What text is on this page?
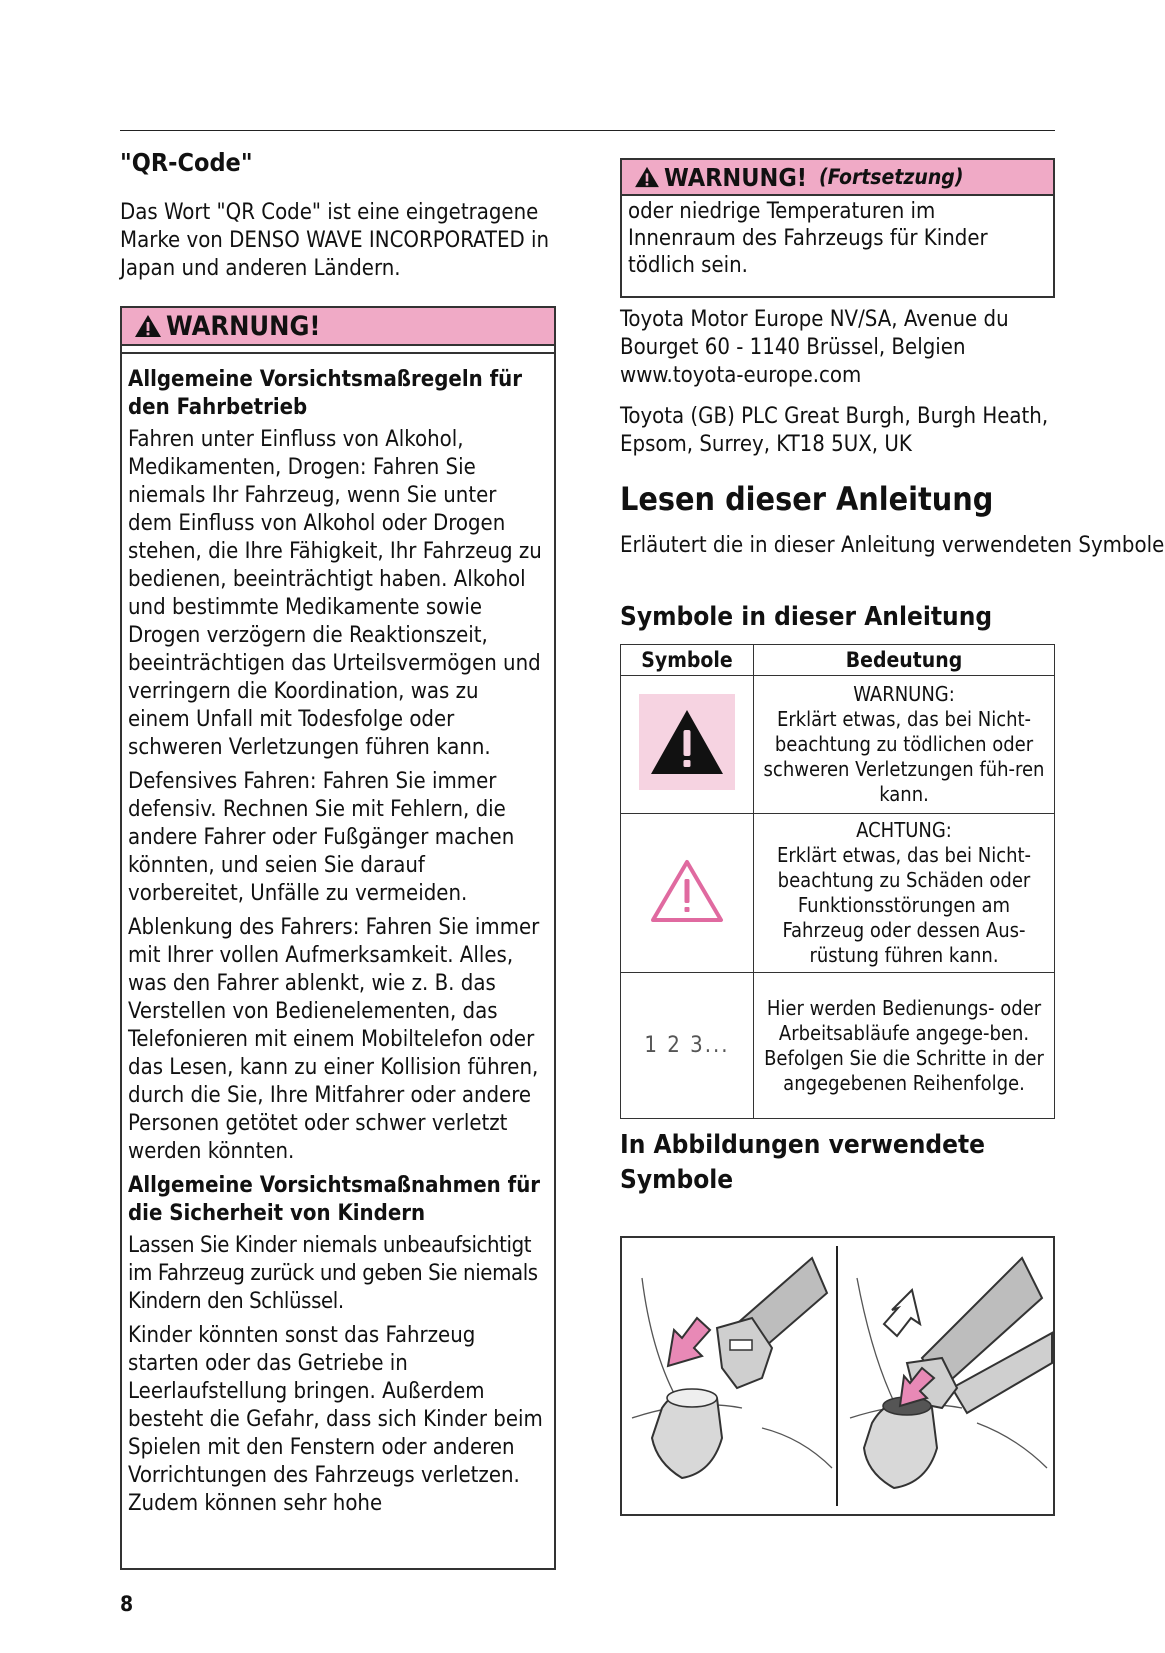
"QR-Code"

Das Wort "QR Code" ist eine eingetragene Marke von DENSO WAVE INCORPORATED in Japan und anderen Ländern.

WARNUNG!

Allgemeine Vorsichtsmaßregeln für den Fahrbetrieb

Fahren unter Einfluss von Alkohol, Medikamenten, Drogen: Fahren Sie niemals Ihr Fahrzeug, wenn Sie unter dem Einfluss von Alkohol oder Drogen stehen, die Ihre Fähigkeit, Ihr Fahrzeug zu bedienen, beeinträchtigt haben. Alkohol und bestimmte Medikamente sowie Drogen verzögern die Reaktionszeit, beeinträchtigen das Urteilsvermögen und verringern die Koordination, was zu einem Unfall mit Todesfolge oder schweren Verletzungen führen kann.

Defensives Fahren: Fahren Sie immer defensiv. Rechnen Sie mit Fehlern, die andere Fahrer oder Fußgänger machen könnten, und seien Sie darauf vorbereitet, Unfälle zu vermeiden.

Ablenkung des Fahrers: Fahren Sie immer mit Ihrer vollen Aufmerksamkeit. Alles, was den Fahrer ablenkt, wie z. B. das Verstellen von Bedienelementen, das Telefonieren mit einem Mobiltelefon oder das Lesen, kann zu einer Kollision führen, durch die Sie, Ihre Mitfahrer oder andere Personen getötet oder schwer verletzt werden könnten.

Allgemeine Vorsichtsmaßnahmen für die Sicherheit von Kindern

Lassen Sie Kinder niemals unbeaufsichtigt im Fahrzeug zurück und geben Sie niemals Kindern den Schlüssel.

Kinder könnten sonst das Fahrzeug starten oder das Getriebe in Leerlaufstellung bringen. Außerdem besteht die Gefahr, dass sich Kinder beim Spielen mit den Fenstern oder anderen Vorrichtungen des Fahrzeugs verletzen. Zudem können sehr hohe

8
WARNUNG! (Fortsetzung)
oder niedrige Temperaturen im Innenraum des Fahrzeugs für Kinder tödlich sein.

Toyota Motor Europe NV/SA, Avenue du Bourget 60 - 1140 Brüssel, Belgien www.toyota-europe.com

Toyota (GB) PLC Great Burgh, Burgh Heath, Epsom, Surrey, KT18 5UX, UK

Lesen dieser Anleitung

Erläutert die in dieser Anleitung verwendeten Symbole

Symbole in dieser Anleitung
Symbole	Bedeutung

WARNUNG:
Erklärt etwas, das bei Nicht-beachtung zu tödlichen oder schweren Verletzungen füh-ren kann.

ACHTUNG:
Erklärt etwas, das bei Nicht-beachtung zu Schäden oder Funktionsstörungen am Fahrzeug oder dessen Aus-rüstung führen kann.

1 2 3...	Hier werden Bedienungs- oder Arbeitsabläufe angege-ben. Befolgen Sie die Schritte in der angegebenen Reihenfolge.
In Abbildungen verwendete Symbole
